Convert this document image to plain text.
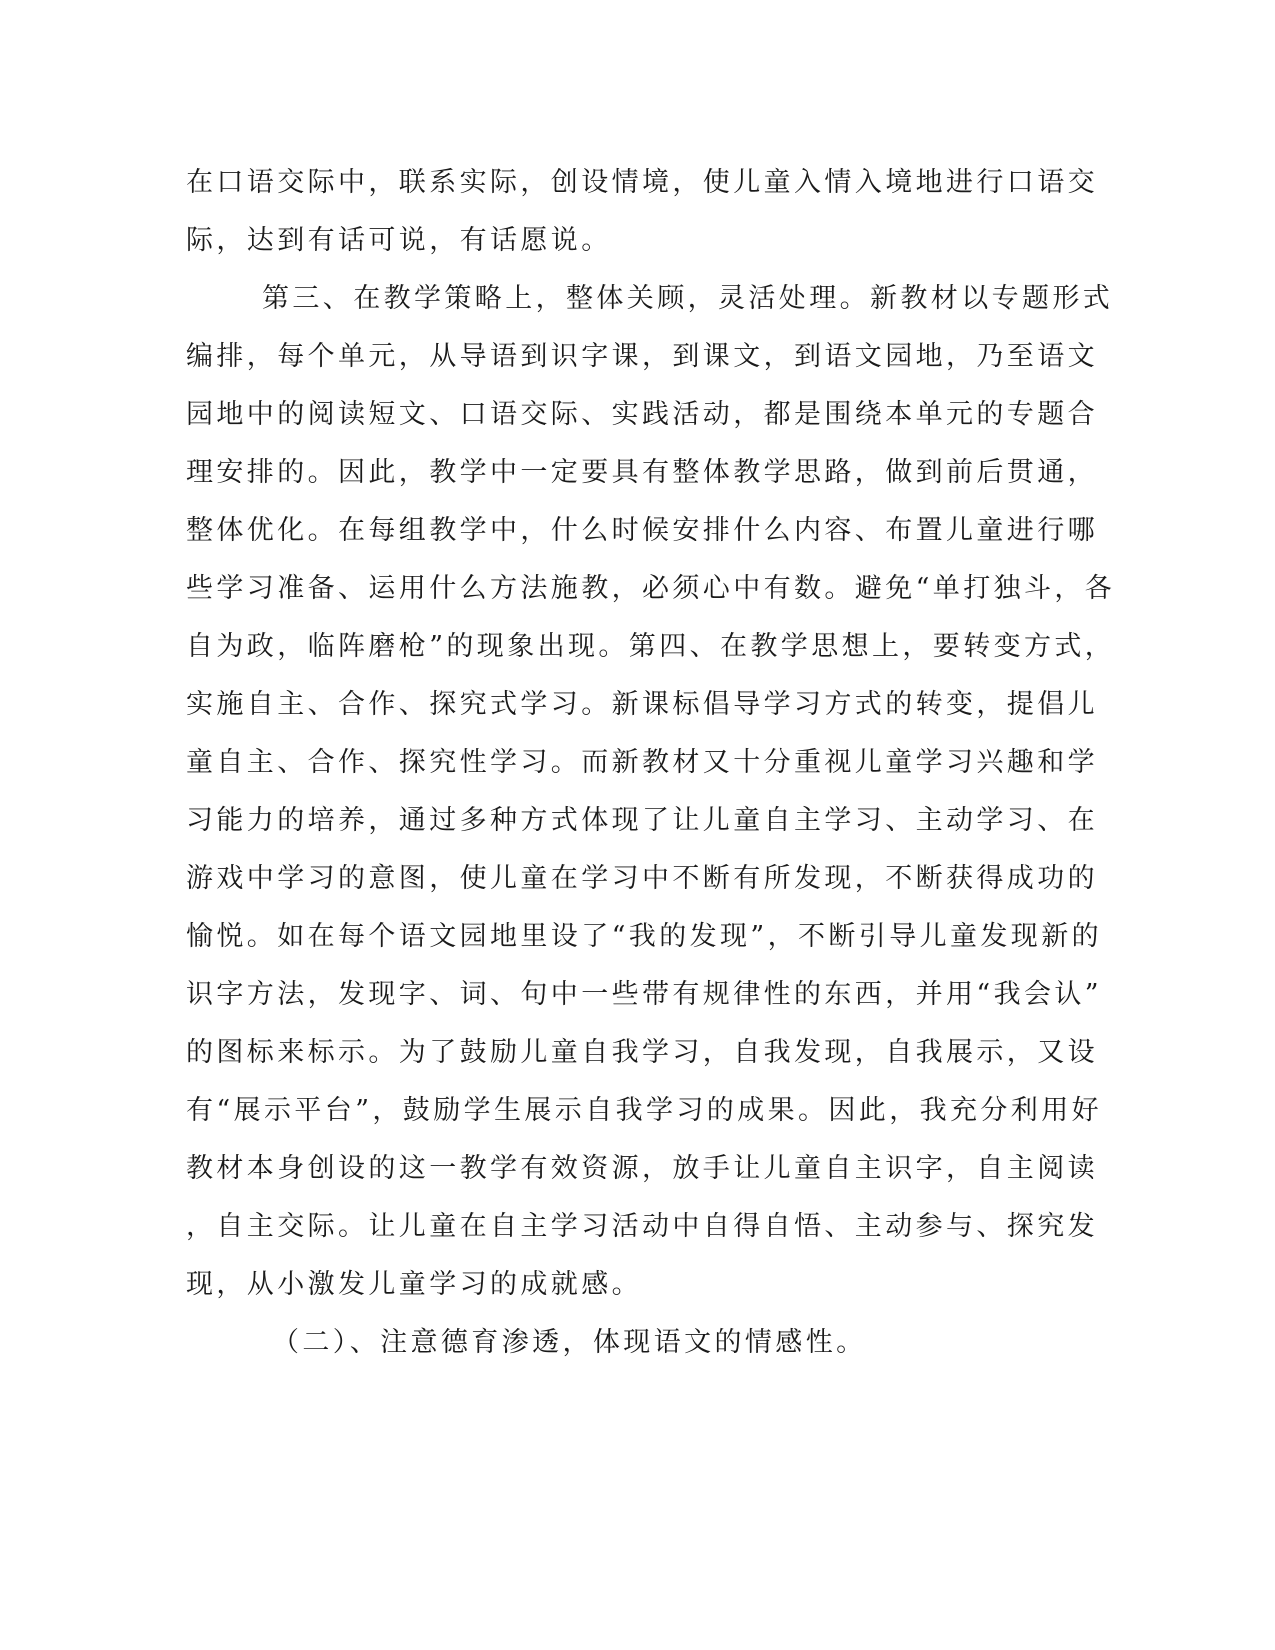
在口语交际中，联系实际，创设情境，使儿童入情入境地进行口语交
际，达到有话可说，有话愿说。
第三、在教学策略上，整体关顾，灵活处理。新教材以专题形式
编排，每个单元，从导语到识字课，到课文，到语文园地，乃至语文
园地中的阅读短文、口语交际、实践活动，都是围绕本单元的专题合
理安排的。因此，教学中一定要具有整体教学思路，做到前后贯通，
整体优化。在每组教学中，什么时候安排什么内容、布置儿童进行哪
些学习准备、运用什么方法施教，必须心中有数。避免“单打独斗，各
自为政，临阵磨枪”的现象出现。第四、在教学思想上，要转变方式，
实施自主、合作、探究式学习。新课标倡导学习方式的转变，提倡儿
童自主、合作、探究性学习。而新教材又十分重视儿童学习兴趣和学
习能力的培养，通过多种方式体现了让儿童自主学习、主动学习、在
游戏中学习的意图，使儿童在学习中不断有所发现，不断获得成功的
愉悦。如在每个语文园地里设了“我的发现”，不断引导儿童发现新的
识字方法，发现字、词、句中一些带有规律性的东西，并用“我会认”
的图标来标示。为了鼓励儿童自我学习，自我发现，自我展示，又设
有“展示平台”，鼓励学生展示自我学习的成果。因此，我充分利用好
教材本身创设的这一教学有效资源，放手让儿童自主识字，自主阅读
，自主交际。让儿童在自主学习活动中自得自悟、主动参与、探究发
现，从小激发儿童学习的成就感。
（二）、注意德育渗透，体现语文的情感性。
